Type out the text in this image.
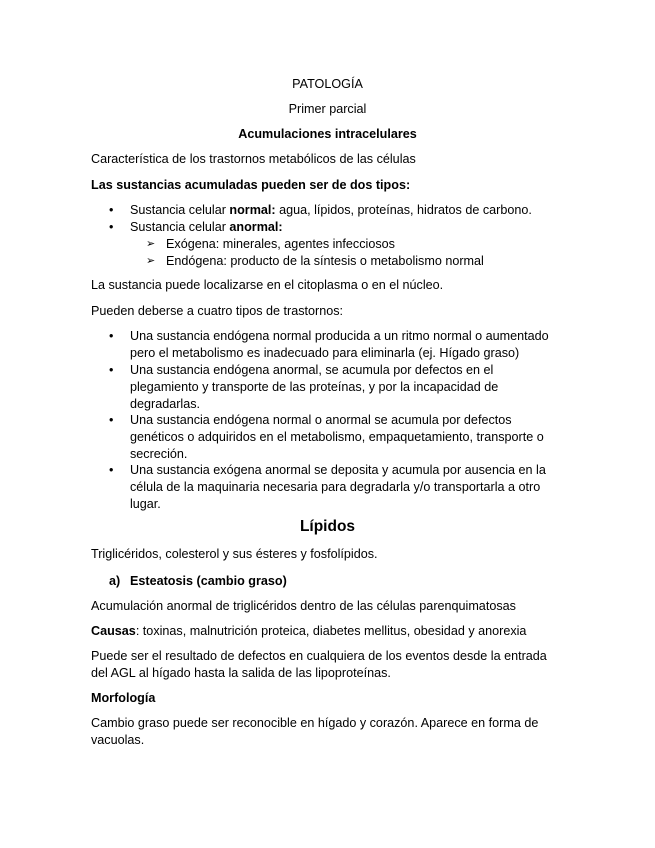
PATOLOGÍA
Primer parcial
Acumulaciones intracelulares
Característica de los trastornos metabólicos de las células
Las sustancias acumuladas pueden ser de dos tipos:
• Sustancia celular normal: agua, lípidos, proteínas, hidratos de carbono.
• Sustancia celular anormal:
➢ Exógena: minerales, agentes infecciosos
➢ Endógena: producto de la síntesis o metabolismo normal
La sustancia puede localizarse en el citoplasma o en el núcleo.
Pueden deberse a cuatro tipos de trastornos:
• Una sustancia endógena normal producida a un ritmo normal o aumentado
pero el metabolismo es inadecuado para eliminarla (ej. Hígado graso)
• Una sustancia endógena anormal, se acumula por defectos en el
plegamiento y transporte de las proteínas, y por la incapacidad de
degradarlas.
• Una sustancia endógena normal o anormal se acumula por defectos
genéticos o adquiridos en el metabolismo, empaquetamiento, transporte o
secreción.
• Una sustancia exógena anormal se deposita y acumula por ausencia en la
célula de la maquinaria necesaria para degradarla y/o transportarla a otro
lugar.
Lípidos
Triglicéridos, colesterol y sus ésteres y fosfolípidos.
a) Esteatosis (cambio graso)
Acumulación anormal de triglicéridos dentro de las células parenquimatosas
Causas: toxinas, malnutrición proteica, diabetes mellitus, obesidad y anorexia
Puede ser el resultado de defectos en cualquiera de los eventos desde la entrada
del AGL al hígado hasta la salida de las lipoproteínas.
Morfología
Cambio graso puede ser reconocible en hígado y corazón. Aparece en forma de
vacuolas.
